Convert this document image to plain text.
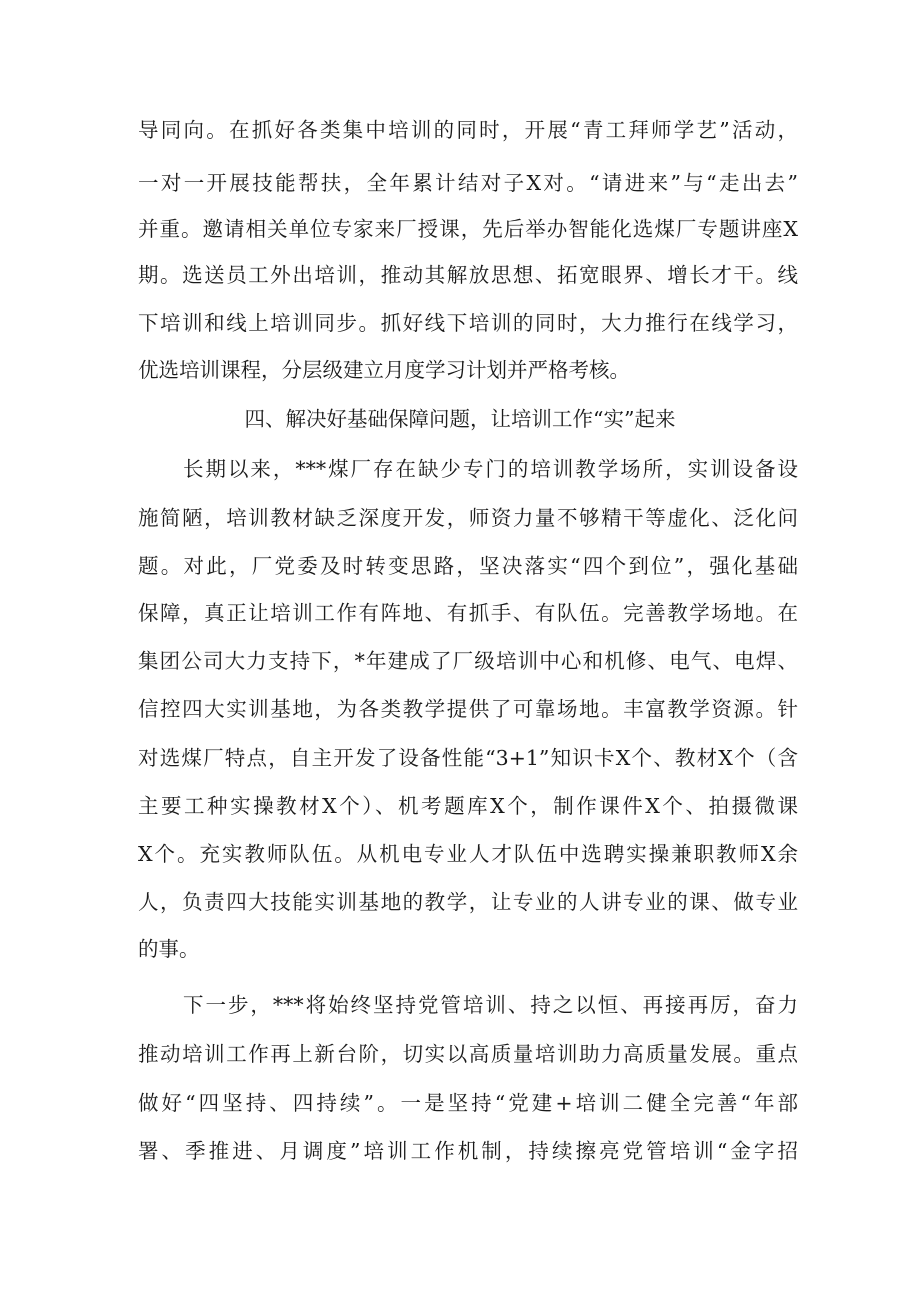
导同向。在抓好各类集中培训的同时，开展“青工拜师学艺”活动，
一对一开展技能帮扶，全年累计结对子X对。“请进来”与“走出去”
并重。邀请相关单位专家来厂授课，先后举办智能化选煤厂专题讲座X
期。选送员工外出培训，推动其解放思想、拓宽眼界、增长才干。线
下培训和线上培训同步。抓好线下培训的同时，大力推行在线学习，
优选培训课程，分层级建立月度学习计划并严格考核。
四、解决好基础保障问题，让培训工作“实”起来
长期以来，***煤厂存在缺少专门的培训教学场所，实训设备设
施简陋，培训教材缺乏深度开发，师资力量不够精干等虚化、泛化问
题。对此，厂党委及时转变思路，坚决落实“四个到位”，强化基础
保障，真正让培训工作有阵地、有抓手、有队伍。完善教学场地。在
集团公司大力支持下，*年建成了厂级培训中心和机修、电气、电焊、
信控四大实训基地，为各类教学提供了可靠场地。丰富教学资源。针
对选煤厂特点，自主开发了设备性能“3+1”知识卡X个、教材X个（含
主要工种实操教材X个）、机考题库X个，制作课件X个、拍摄微课
X个。充实教师队伍。从机电专业人才队伍中选聘实操兼职教师X余
人，负责四大技能实训基地的教学，让专业的人讲专业的课、做专业
的事。
下一步，***将始终坚持党管培训、持之以恒、再接再厉，奋力
推动培训工作再上新台阶，切实以高质量培训助力高质量发展。重点
做好“四坚持、四持续”。一是坚持“党建+培训二健全完善“年部
署、季推进、月调度”培训工作机制，持续擦亮党管培训“金字招
